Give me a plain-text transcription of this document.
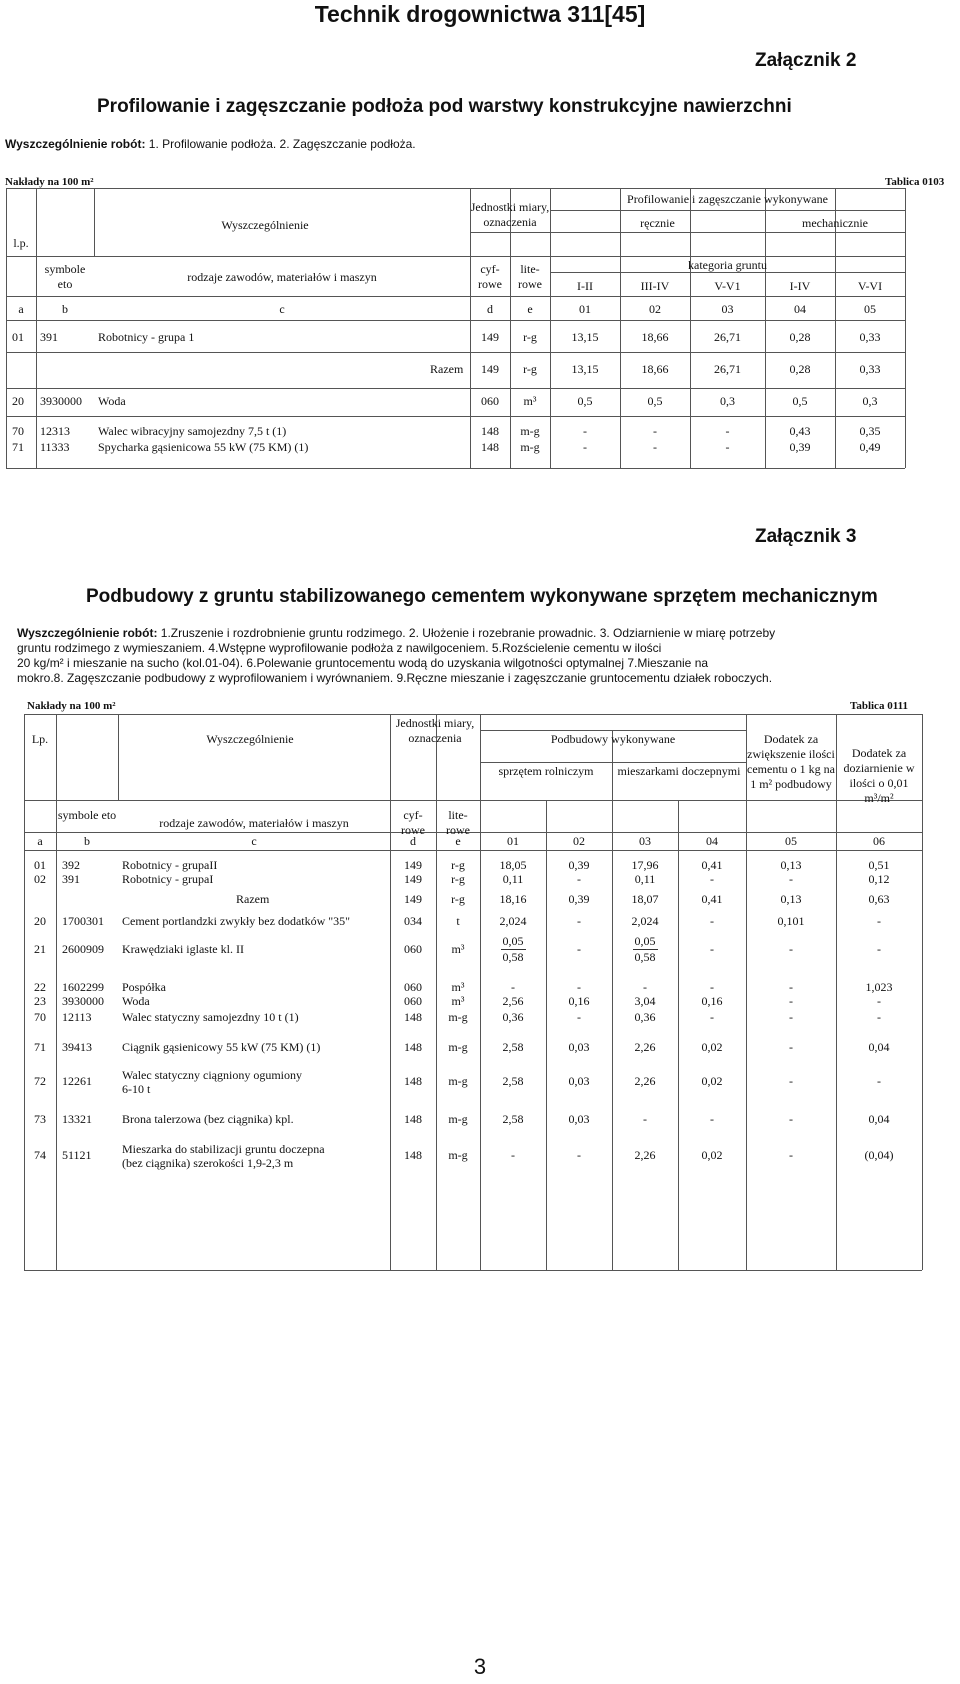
Technik drogownictwa 311[45]
Załącznik 2
Profilowanie i zagęszczanie podłoża pod warstwy konstrukcyjne nawierzchni
Wyszczególnienie robót: 1. Profilowanie podłoża. 2. Zagęszczanie podłoża.
Nakłady na 100 m²	Tablica 0103
l.p.
Wyszczególnienie
Jednostki miary, oznaczenia
Profilowanie i zagęszczanie wykonywane
ręcznie	mechanicznie
symbole eto	rodzaje zawodów, materiałów i maszyn
cyf- rowe
lite- rowe
kategoria gruntu
I-II	III-IV	V-V1	I-IV	V-VI
a	b	c	d	e	01	02	03	04	05
01	391	Robotnicy - grupa 1	149	r-g	13,15	18,66	26,71	0,28	0,33
Razem	149	r-g	13,15	18,66	26,71	0,28	0,33
20	3930000	Woda	060	m³	0,5	0,5	0,3	0,5	0,3
70	12313	Walec wibracyjny samojezdny 7,5 t (1)	148	m-g	-	-	-	0,43	0,35
71	11333	Spycharka gąsienicowa 55 kW (75 KM) (1)	148	m-g	-	-	-	0,39	0,49
Załącznik 3
Podbudowy z gruntu stabilizowanego cementem wykonywane sprzętem mechanicznym
Wyszczególnienie robót: 1.Zruszenie i rozdrobnienie gruntu rodzimego. 2. Ułożenie i rozebranie prowadnic. 3. Odziarnienie w miarę potrzeby
gruntu rodzimego z wymieszaniem. 4.Wstępne wyprofilowanie podłoża z nawilgoceniem. 5.Rozścielenie cementu w ilości
20 kg/m² i mieszanie na sucho (kol.01-04). 6.Polewanie gruntocementu wodą do uzyskania wilgotności optymalnej 7.Mieszanie na
mokro.8. Zagęszczanie podbudowy z wyprofilowaniem i wyrównaniem. 9.Ręczne mieszanie i zagęszczanie gruntocementu działek roboczych.
Nakłady na 100 m²	Tablica 0111
Lp.	Wyszczególnienie
Jednostki miary, oznaczenia	Podbudowy wykonywane
sprzętem rolniczym	mieszarkami doczepnymi
Dodatek za zwiększenie ilości cementu o 1 kg na 1 m² podbudowy
Dodatek za doziarnienie w ilości o 0,01 m³/m²
symbole eto
rodzaje zawodów, materiałów i maszyn
cyf- rowe
lite- rowe
a	b	c	d	e	01	02	03	04	05	06
01	392	Robotnicy - grupaII	149	r-g	18,05	0,39	17,96	0,41	0,13	0,51
02	391	Robotnicy - grupaI	149	r-g	0,11	-	0,11	-	-	0,12
Razem	149	r-g	18,16	0,39	18,07	0,41	0,13	0,63
20	1700301	Cement portlandzki zwykły bez dodatków "35"	034	t	2,024	-	2,024	-	0,101	-
21	2600909	Krawędziaki iglaste kl. II	060	m³	$\frac{0,05}{0,58}$	-	$\frac{0,05}{0,58}$	-	-	-
22	1602299	Pospółka	060	m³	-	-	-	-	-	1,023
23	3930000	Woda	060	m³	2,56	0,16	3,04	0,16	-	-
70	12113	Walec statyczny samojezdny 10 t (1)	148	m-g	0,36	-	0,36	-	-	-
71	39413	Ciągnik gąsienicowy 55 kW (75 KM) (1)	148	m-g	2,58	0,03	2,26	0,02	-	0,04
72	12261	Walec statyczny ciągniony ogumiony
6-10 t
148	m-g	2,58	0,03	2,26	0,02	-	-
73	13321	Brona talerzowa (bez ciągnika) kpl.	148	m-g	2,58	0,03	-	-	-	0,04
74	51121	Mieszarka do stabilizacji gruntu doczepna
(bez ciągnika) szerokości 1,9-2,3 m
148	m-g	-	-	2,26	0,02	-	(0,04)
3
